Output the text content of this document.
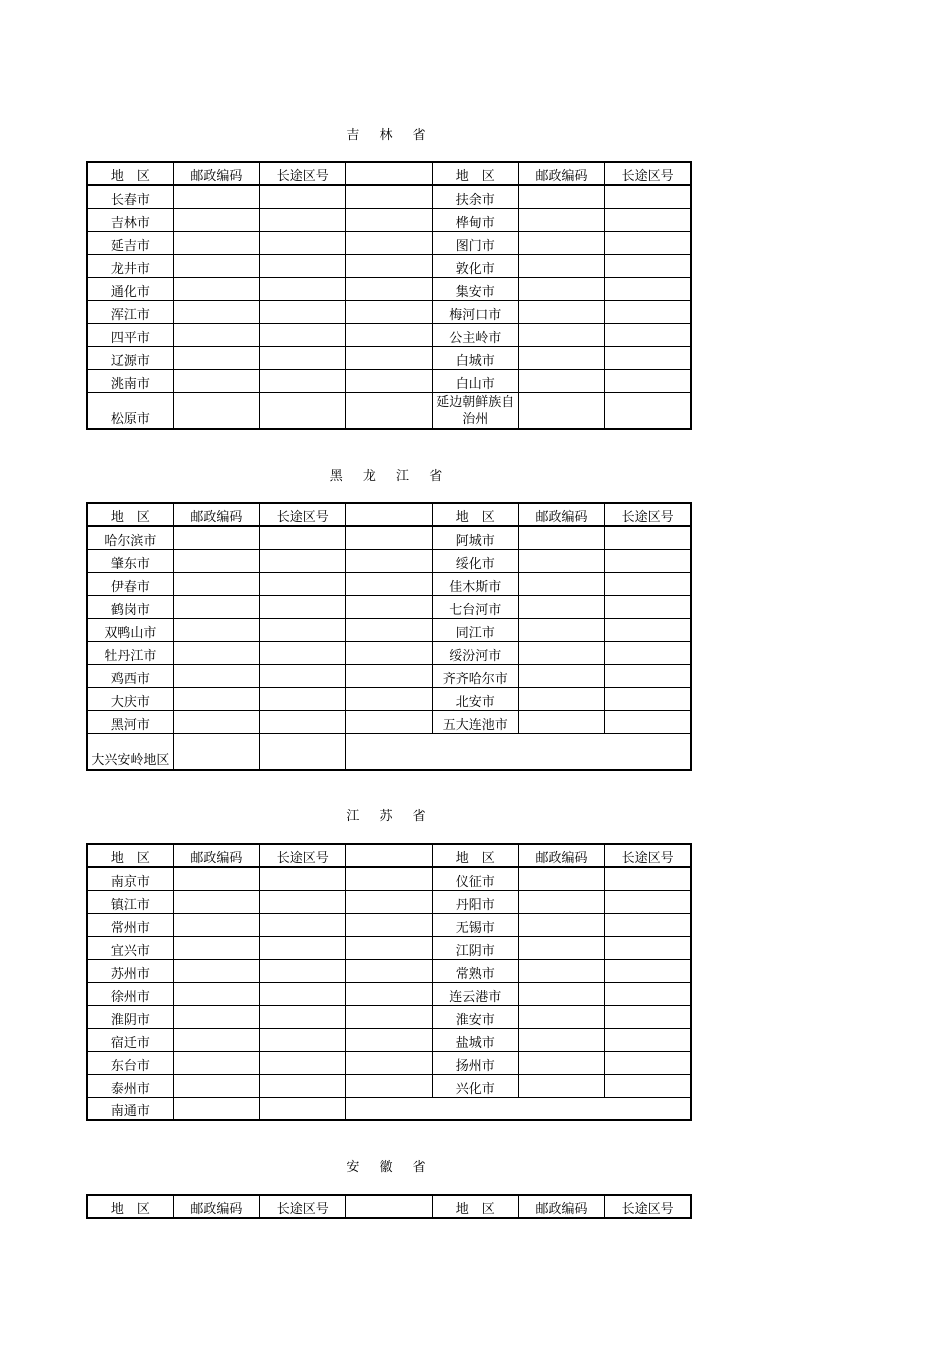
吉 林 省
地　区	邮政编码	长途区号		地　区	邮政编码	长途区号
长春市				扶余市		
吉林市				桦甸市		
延吉市				图门市		
龙井市				敦化市		
通化市				集安市		
浑江市				梅河口市		
四平市				公主岭市		
辽源市				白城市		
洮南市				白山市		
松原市				延边朝鲜族自治州		
黑 龙 江 省
地　区	邮政编码	长途区号		地　区	邮政编码	长途区号
哈尔滨市				阿城市		
肇东市				绥化市		
伊春市				佳木斯市		
鹤岗市				七台河市		
双鸭山市				同江市		
牡丹江市				绥汾河市		
鸡西市				齐齐哈尔市		
大庆市				北安市		
黑河市				五大连池市		
大兴安岭地区						
江 苏 省
地　区	邮政编码	长途区号		地　区	邮政编码	长途区号
南京市				仪征市		
镇江市				丹阳市		
常州市				无锡市		
宜兴市				江阴市		
苏州市				常熟市		
徐州市				连云港市		
淮阴市				淮安市		
宿迁市				盐城市		
东台市				扬州市		
泰州市				兴化市		
南通市						
安 徽 省
地　区	邮政编码	长途区号		地　区	邮政编码	长途区号
